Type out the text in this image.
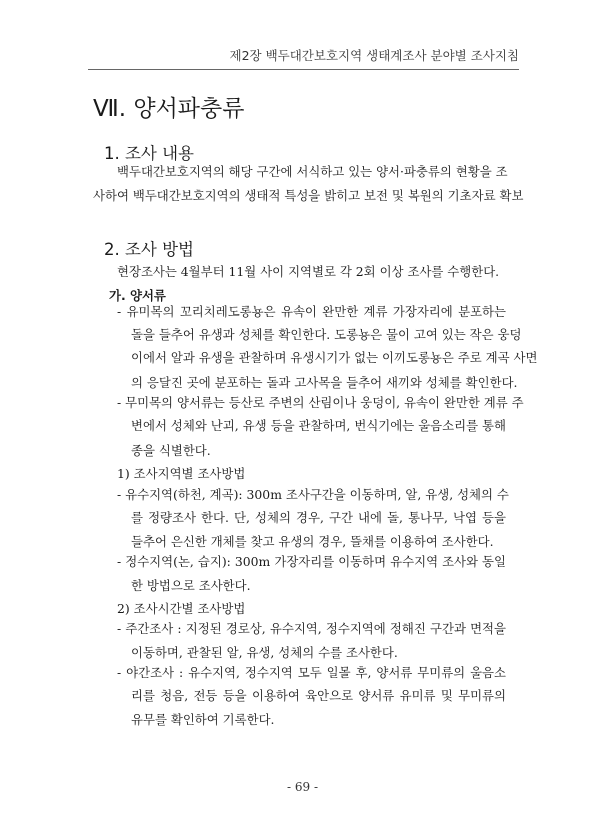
제2장 백두대간보호지역 생태계조사 분야별 조사지침
Ⅶ. 양서파충류
1. 조사 내용
백두대간보호지역의 해당 구간에 서식하고 있는 양서·파충류의 현황을 조
사하여 백두대간보호지역의 생태적 특성을 밝히고 보전 및 복원의 기초자료 확보
2. 조사 방법
현장조사는 4월부터 11월 사이 지역별로 각 2회 이상 조사를 수행한다.
가. 양서류
- 유미목의 꼬리치레도롱뇽은 유속이 완만한 계류 가장자리에 분포하는
돌을 들추어 유생과 성체를 확인한다. 도롱뇽은 물이 고여 있는 작은 웅덩
이에서 알과 유생을 관찰하며 유생시기가 없는 이끼도롱뇽은 주로 계곡 사면
의 응달진 곳에 분포하는 돌과 고사목을 들추어 새끼와 성체를 확인한다.
- 무미목의 양서류는 등산로 주변의 산림이나 웅덩이, 유속이 완만한 계류 주
변에서 성체와 난괴, 유생 등을 관찰하며, 번식기에는 울음소리를 통해
종을 식별한다.
1) 조사지역별 조사방법
- 유수지역(하천, 계곡): 300m 조사구간을 이동하며, 알, 유생, 성체의 수
를 정량조사 한다. 단, 성체의 경우, 구간 내에 돌, 통나무, 낙엽 등을
들추어 은신한 개체를 찾고 유생의 경우, 뜰채를 이용하여 조사한다.
- 정수지역(논, 습지): 300m 가장자리를 이동하며 유수지역 조사와 동일
한 방법으로 조사한다.
2) 조사시간별 조사방법
- 주간조사 : 지정된 경로상, 유수지역, 정수지역에 정해진 구간과 면적을
이동하며, 관찰된 알, 유생, 성체의 수를 조사한다.
- 야간조사 : 유수지역, 정수지역 모두 일몰 후, 양서류 무미류의 울음소
리를 청음, 전등 등을 이용하여 육안으로 양서류 유미류 및 무미류의
유무를 확인하여 기록한다.
- 69 -
